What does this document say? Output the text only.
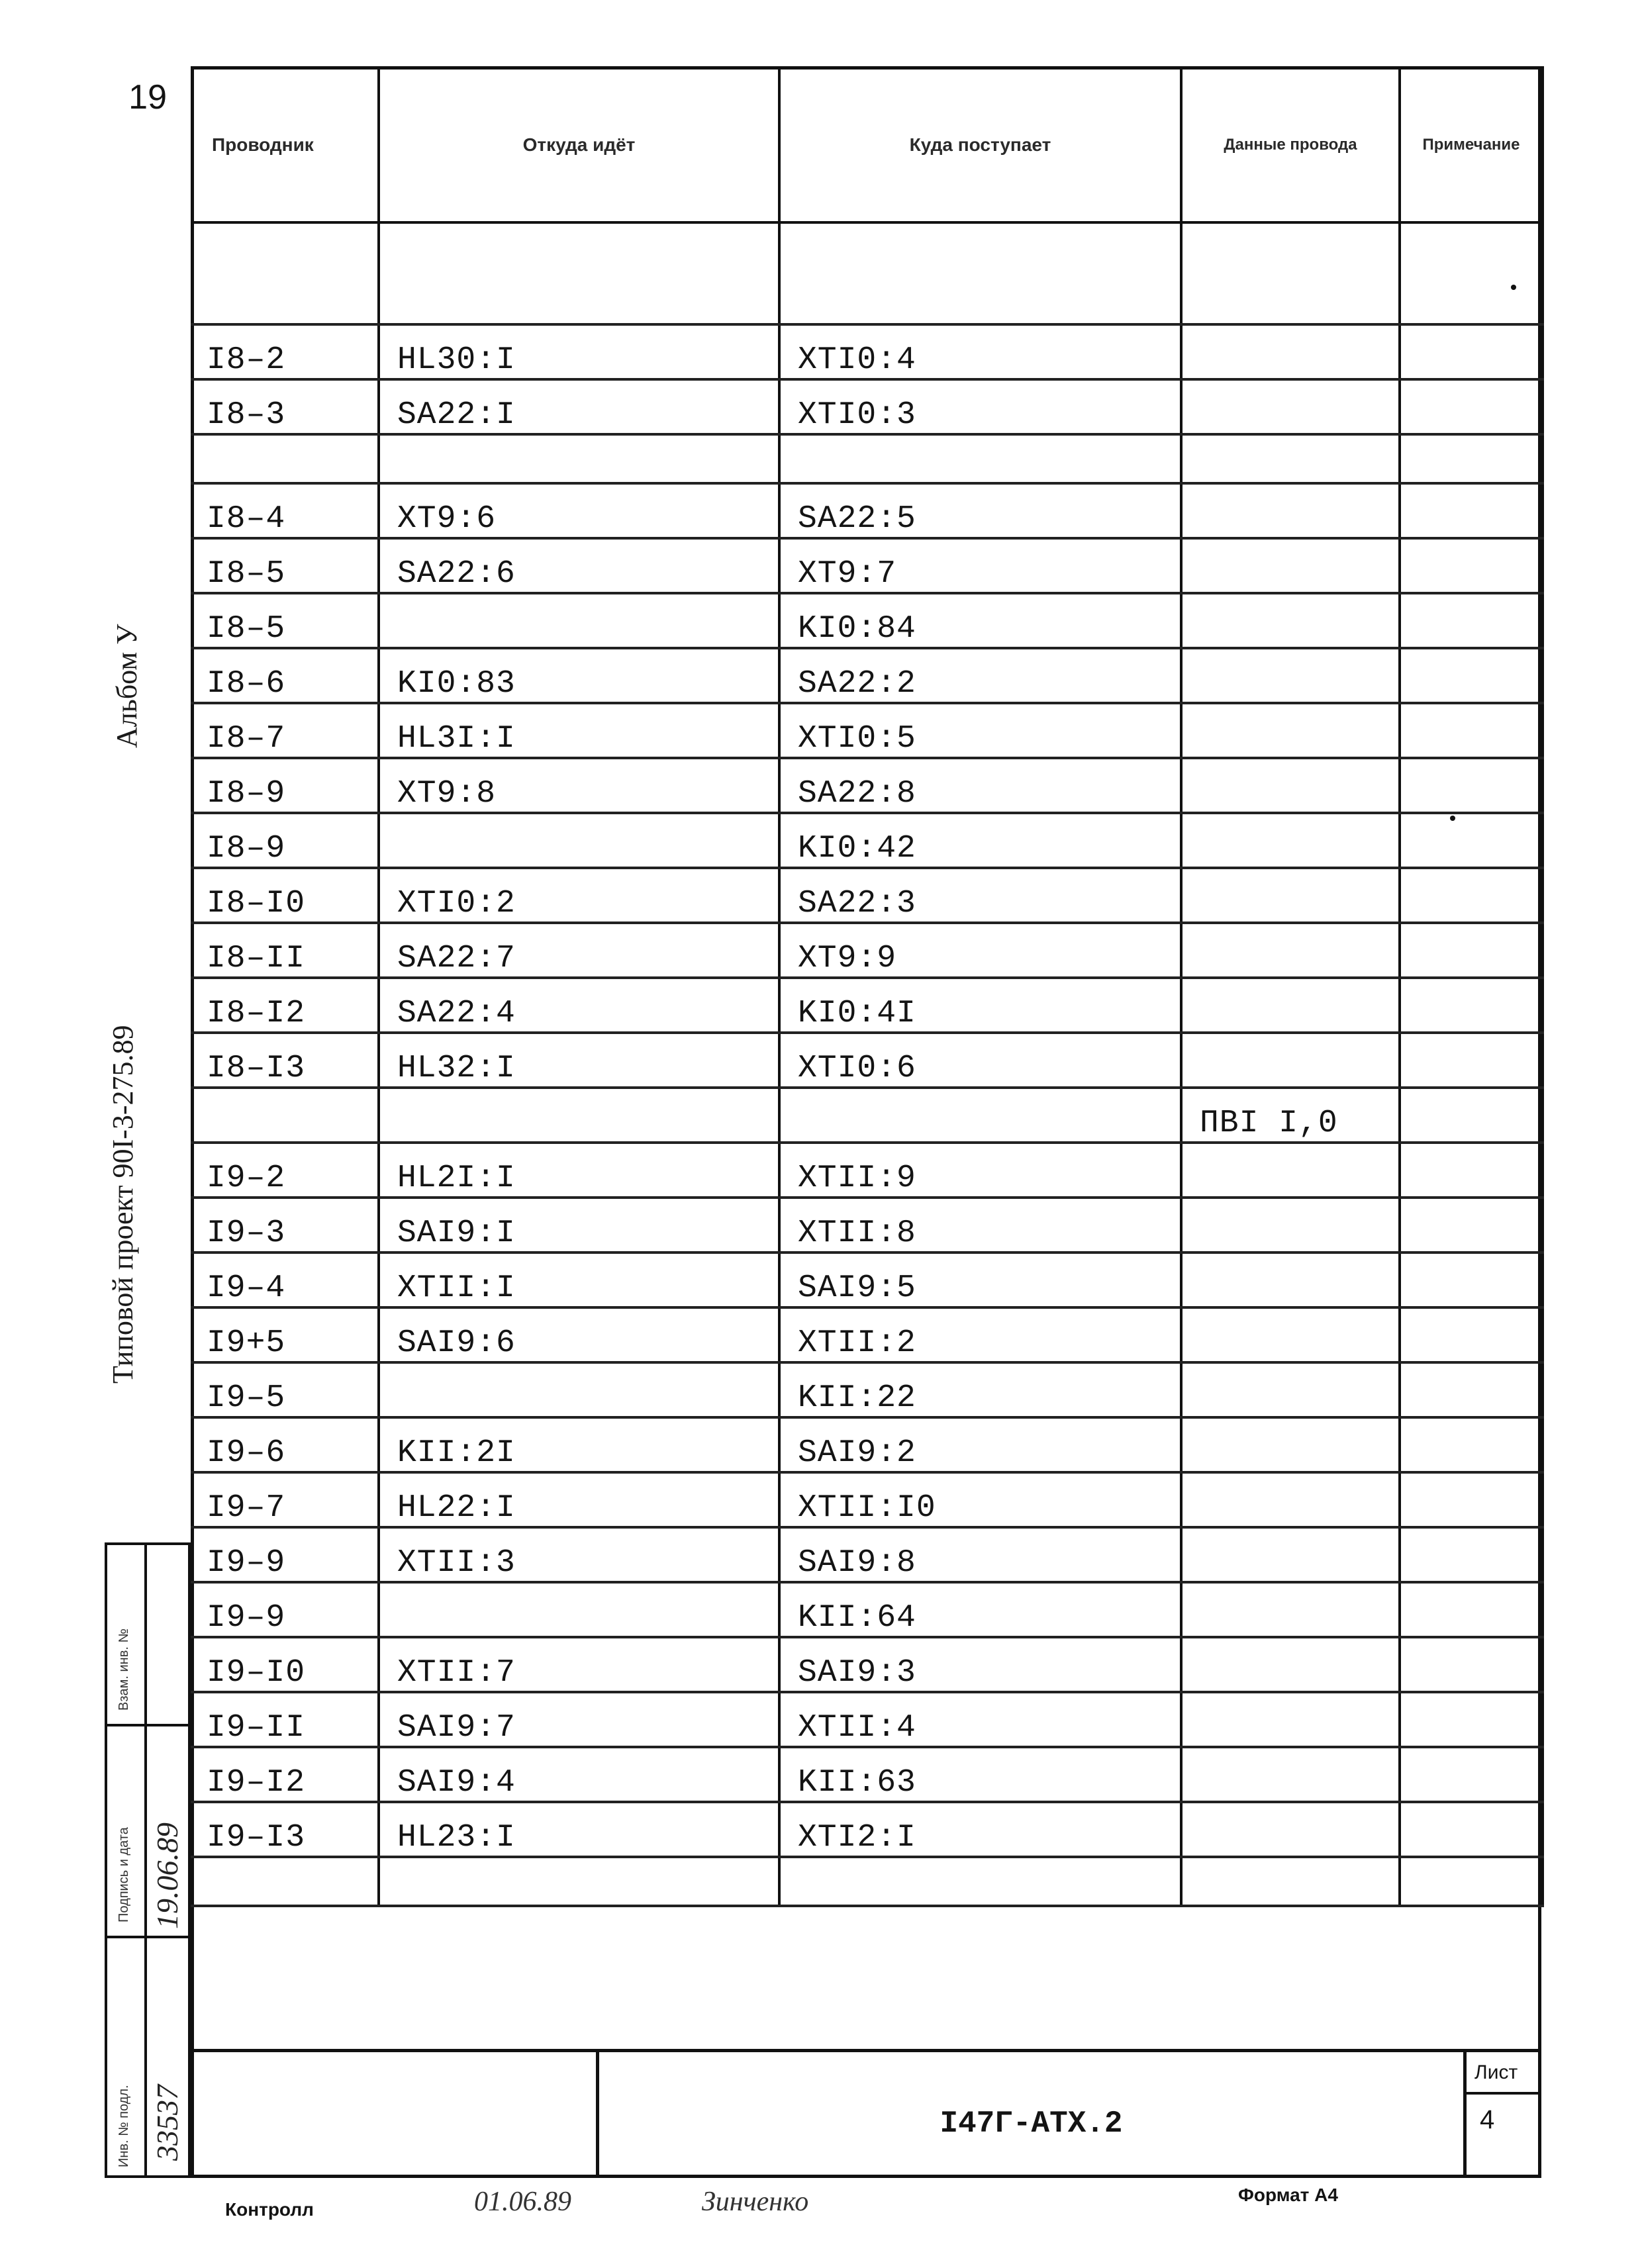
19
Проводник	Откуда идёт	Куда поступает	Данные провода	Примечание

I8–2	HL30:I	XTI0:4		
I8–3	SA22:I	XTI0:3		

I8–4	XT9:6	SA22:5		
I8–5	SA22:6	XT9:7		
I8–5		KI0:84		
I8–6	KI0:83	SA22:2		
I8–7	HL3I:I	XTI0:5		
I8–9	XT9:8	SA22:8		
I8–9		KI0:42		
I8–I0	XTI0:2	SA22:3		
I8–II	SA22:7	XT9:9		
I8–I2	SA22:4	KI0:4I		
I8–I3	HL32:I	XTI0:6		
			ПВI I,0	
I9–2	HL2I:I	XTII:9		
I9–3	SAI9:I	XTII:8		
I9–4	XTII:I	SAI9:5		
I9+5	SAI9:6	XTII:2		
I9–5		KII:22		
I9–6	KII:2I	SAI9:2		
I9–7	HL22:I	XTII:I0		
I9–9	XTII:3	SAI9:8		
I9–9		KII:64		
I9–I0	XTII:7	SAI9:3		
I9–II	SAI9:7	XTII:4		
I9–I2	SAI9:4	KII:63		
I9–I3	HL23:I	XTI2:I		

Альбом У
Типовой проект 90I-3-275.89
Взам. инв. №
Подпись и дата
Инв. № подл.
19.06.89
33537	I47Г-АТХ.2
Лист
4
Контролл	01.06.89	Зинченко	Формат А4
